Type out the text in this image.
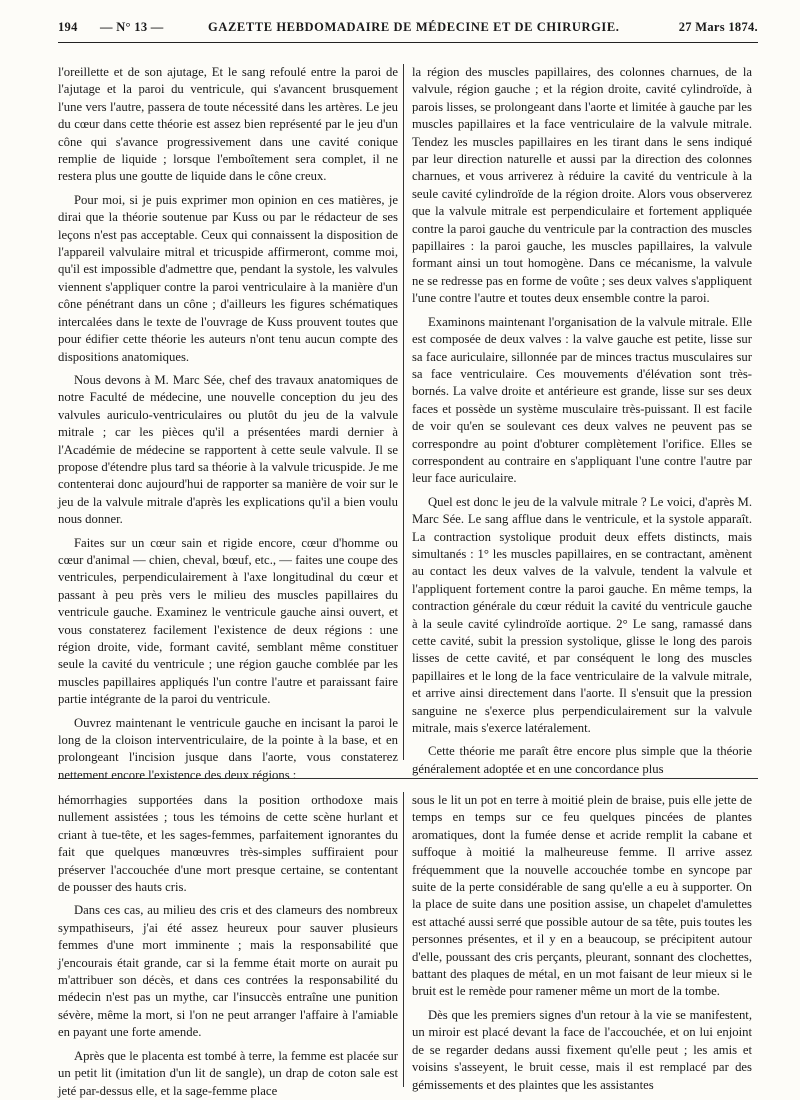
194 — N° 13 —	GAZETTE HEBDOMADAIRE DE MÉDECINE ET DE CHIRURGIE.	27 Mars 1874.

l'oreillette et de son ajutage, Et le sang refoulé entre la paroi de l'ajutage et la paroi du ventricule, qui s'avancent brusquement l'une vers l'autre, passera de toute nécessité dans les artères. Le jeu du cœur dans cette théorie est assez bien représenté par le jeu d'un cône qui s'avance progressivement dans une cavité conique remplie de liquide ; lorsque l'emboîtement sera complet, il ne restera plus une goutte de liquide dans le cône creux.

Pour moi, si je puis exprimer mon opinion en ces matières, je dirai que la théorie soutenue par Kuss ou par le rédacteur de ses leçons n'est pas acceptable. Ceux qui connaissent la disposition de l'appareil valvulaire mitral et tricuspide affirmeront, comme moi, qu'il est impossible d'admettre que, pendant la systole, les valvules viennent s'appliquer contre la paroi ventriculaire à la manière d'un cône pénétrant dans un cône ; d'ailleurs les figures schématiques intercalées dans le texte de l'ouvrage de Kuss prouvent toutes que pour édifier cette théorie les auteurs n'ont tenu aucun compte des dispositions anatomiques.

Nous devons à M. Marc Sée, chef des travaux anatomiques de notre Faculté de médecine, une nouvelle conception du jeu des valvules auriculo-ventriculaires ou plutôt du jeu de la valvule mitrale ; car les pièces qu'il a présentées mardi dernier à l'Académie de médecine se rapportent à cette seule valvule. Il se propose d'étendre plus tard sa théorie à la valvule tricuspide. Je me contenterai donc aujourd'hui de rapporter sa manière de voir sur le jeu de la valvule mitrale d'après les explications qu'il a bien voulu nous donner.

Faites sur un cœur sain et rigide encore, cœur d'homme ou cœur d'animal — chien, cheval, bœuf, etc., — faites une coupe des ventricules, perpendiculairement à l'axe longitudinal du cœur et passant à peu près vers le milieu des muscles papillaires du ventricule gauche. Examinez le ventricule gauche ainsi ouvert, et vous constaterez facilement l'existence de deux régions : une région droite, vide, formant cavité, semblant même constituer seule la cavité du ventricule ; une région gauche comblée par les muscles papillaires appliqués l'un contre l'autre et paraissant faire partie intégrante de la paroi du ventricule.

Ouvrez maintenant le ventricule gauche en incisant la paroi le long de la cloison interventriculaire, de la pointe à la base, et en prolongeant l'incision jusque dans l'aorte, vous constaterez nettement encore l'existence des deux régions :

la région des muscles papillaires, des colonnes charnues, de la valvule, région gauche ; et la région droite, cavité cylindroïde, à parois lisses, se prolongeant dans l'aorte et limitée à gauche par les muscles papillaires et la face ventriculaire de la valvule mitrale. Tendez les muscles papillaires en les tirant dans le sens indiqué par leur direction naturelle et aussi par la direction des colonnes charnues, et vous arriverez à réduire la cavité du ventricule à la seule cavité cylindroïde de la région droite. Alors vous observerez que la valvule mitrale est perpendiculaire et fortement appliquée contre la paroi gauche du ventricule par la contraction des muscles papillaires : la paroi gauche, les muscles papillaires, la valvule formant ainsi un tout homogène. Dans ce mécanisme, la valvule ne se redresse pas en forme de voûte ; ses deux valves s'appliquent l'une contre l'autre et toutes deux ensemble contre la paroi.

Examinons maintenant l'organisation de la valvule mitrale. Elle est composée de deux valves : la valve gauche est petite, lisse sur sa face auriculaire, sillonnée par de minces tractus musculaires sur sa face ventriculaire. Ces mouvements d'élévation sont très-bornés. La valve droite et antérieure est grande, lisse sur ses deux faces et possède un système musculaire très-puissant. Il est facile de voir qu'en se soulevant ces deux valves ne peuvent pas se correspondre au point d'obturer complètement l'orifice. Elles se correspondent au contraire en s'appliquant l'une contre l'autre par leur face auriculaire.

Quel est donc le jeu de la valvule mitrale ? Le voici, d'après M. Marc Sée. Le sang afflue dans le ventricule, et la systole apparaît. La contraction systolique produit deux effets distincts, mais simultanés : 1° les muscles papillaires, en se contractant, amènent au contact les deux valves de la valvule, tendent la valvule et l'appliquent fortement contre la paroi gauche. En même temps, la contraction générale du cœur réduit la cavité du ventricule gauche à la seule cavité cylindroïde aortique. 2° Le sang, ramassé dans cette cavité, subit la pression systolique, glisse le long des parois lisses de cette cavité, et par conséquent le long des muscles papillaires et le long de la face ventriculaire de la valvule mitrale, et arrive ainsi directement dans l'aorte. Il s'ensuit que la pression sanguine ne s'exerce plus perpendiculairement sur la valvule mitrale, mais s'exerce latéralement.

Cette théorie me paraît être encore plus simple que la théorie généralement adoptée et en une concordance plus

hémorrhagies supportées dans la position orthodoxe mais nullement assistées ; tous les témoins de cette scène hurlant et criant à tue-tête, et les sages-femmes, parfaitement ignorantes du fait que quelques manœuvres très-simples suffiraient pour préserver l'accouchée d'une mort presque certaine, se contentant de pousser des hauts cris.

Dans ces cas, au milieu des cris et des clameurs des nombreux sympathiseurs, j'ai été assez heureux pour sauver plusieurs femmes d'une mort imminente ; mais la responsabilité que j'encourais était grande, car si la femme était morte on aurait pu m'attribuer son décès, et dans ces contrées la responsabilité du médecin n'est pas un mythe, car l'insuccès entraîne une punition sévère, même la mort, si l'on ne peut arranger l'affaire à l'amiable en payant une forte amende.

Après que le placenta est tombé à terre, la femme est placée sur un petit lit (imitation d'un lit de sangle), un drap de coton sale est jeté par-dessus elle, et la sage-femme place

sous le lit un pot en terre à moitié plein de braise, puis elle jette de temps en temps sur ce feu quelques pincées de plantes aromatiques, dont la fumée dense et acride remplit la cabane et suffoque à moitié la malheureuse femme. Il arrive assez fréquemment que la nouvelle accouchée tombe en syncope par suite de la perte considérable de sang qu'elle a eu à supporter. On la place de suite dans une position assise, un chapelet d'amulettes est attaché aussi serré que possible autour de sa tête, puis toutes les personnes présentes, et il y en a beaucoup, se précipitent autour d'elle, poussant des cris perçants, pleurant, sonnant des clochettes, battant des plaques de métal, en un mot faisant de leur mieux si le bruit est le remède pour ramener même un mort de la tombe.

Dès que les premiers signes d'un retour à la vie se manifestent, un miroir est placé devant la face de l'accouchée, et on lui enjoint de se regarder dedans aussi fixement qu'elle peut ; les amis et voisins s'asseyent, le bruit cesse, mais il est remplacé par des gémissements et des plaintes que les assistantes
